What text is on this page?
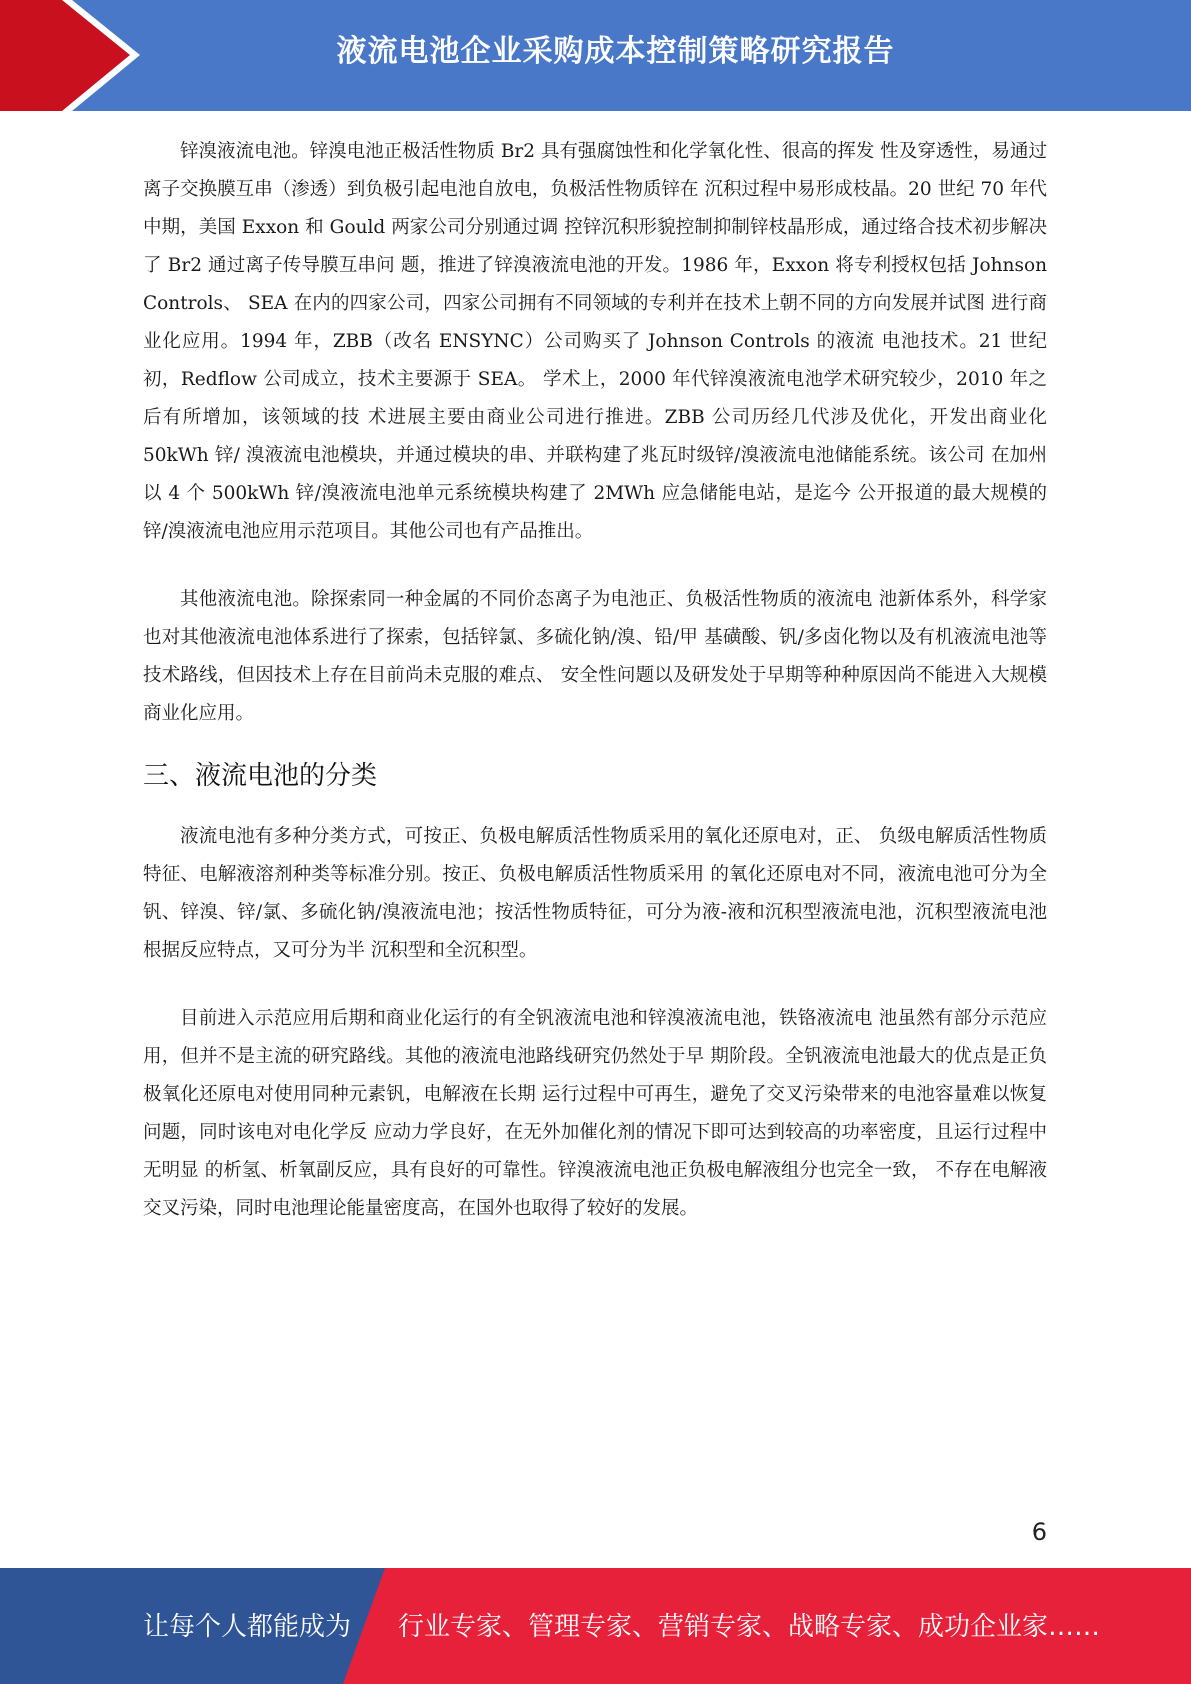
液流电池企业采购成本控制策略研究报告

锌溴液流电池。锌溴电池正极活性物质 Br2 具有强腐蚀性和化学氧化性、很高的挥发 性及穿透性，易通过离子交换膜互串（渗透）到负极引起电池自放电，负极活性物质锌在 沉积过程中易形成枝晶。20 世纪 70 年代中期，美国 Exxon 和 Gould 两家公司分别通过调 控锌沉积形貌控制抑制锌枝晶形成，通过络合技术初步解决了 Br2 通过离子传导膜互串问 题，推进了锌溴液流电池的开发。1986 年，Exxon 将专利授权包括 Johnson Controls、 SEA 在内的四家公司，四家公司拥有不同领域的专利并在技术上朝不同的方向发展并试图 进行商业化应用。1994 年，ZBB（改名 ENSYNC）公司购买了 Johnson Controls 的液流 电池技术。21 世纪初，Redflow 公司成立，技术主要源于 SEA。 学术上，2000 年代锌溴液流电池学术研究较少，2010 年之后有所增加，该领域的技 术进展主要由商业公司进行推进。ZBB 公司历经几代涉及优化，开发出商业化 50kWh 锌/ 溴液流电池模块，并通过模块的串、并联构建了兆瓦时级锌/溴液流电池储能系统。该公司 在加州以 4 个 500kWh 锌/溴液流电池单元系统模块构建了 2MWh 应急储能电站，是迄今 公开报道的最大规模的锌/溴液流电池应用示范项目。其他公司也有产品推出。

其他液流电池。除探索同一种金属的不同价态离子为电池正、负极活性物质的液流电 池新体系外，科学家也对其他液流电池体系进行了探索，包括锌氯、多硫化钠/溴、铅/甲 基磺酸、钒/多卤化物以及有机液流电池等技术路线，但因技术上存在目前尚未克服的难点、 安全性问题以及研发处于早期等种种原因尚不能进入大规模商业化应用。

三、液流电池的分类

液流电池有多种分类方式，可按正、负极电解质活性物质采用的氧化还原电对，正、 负级电解质活性物质特征、电解液溶剂种类等标准分别。按正、负极电解质活性物质采用 的氧化还原电对不同，液流电池可分为全钒、锌溴、锌/氯、多硫化钠/溴液流电池；按活性物质特征，可分为液-液和沉积型液流电池，沉积型液流电池根据反应特点，又可分为半 沉积型和全沉积型。

目前进入示范应用后期和商业化运行的有全钒液流电池和锌溴液流电池，铁铬液流电 池虽然有部分示范应用，但并不是主流的研究路线。其他的液流电池路线研究仍然处于早 期阶段。全钒液流电池最大的优点是正负极氧化还原电对使用同种元素钒，电解液在长期 运行过程中可再生，避免了交叉污染带来的电池容量难以恢复问题，同时该电对电化学反 应动力学良好，在无外加催化剂的情况下即可达到较高的功率密度，且运行过程中无明显 的析氢、析氧副反应，具有良好的可靠性。锌溴液流电池正负极电解液组分也完全一致， 不存在电解液交叉污染，同时电池理论能量密度高，在国外也取得了较好的发展。

6
让每个人都能成为 行业专家、管理专家、营销专家、战略专家、成功企业家……
